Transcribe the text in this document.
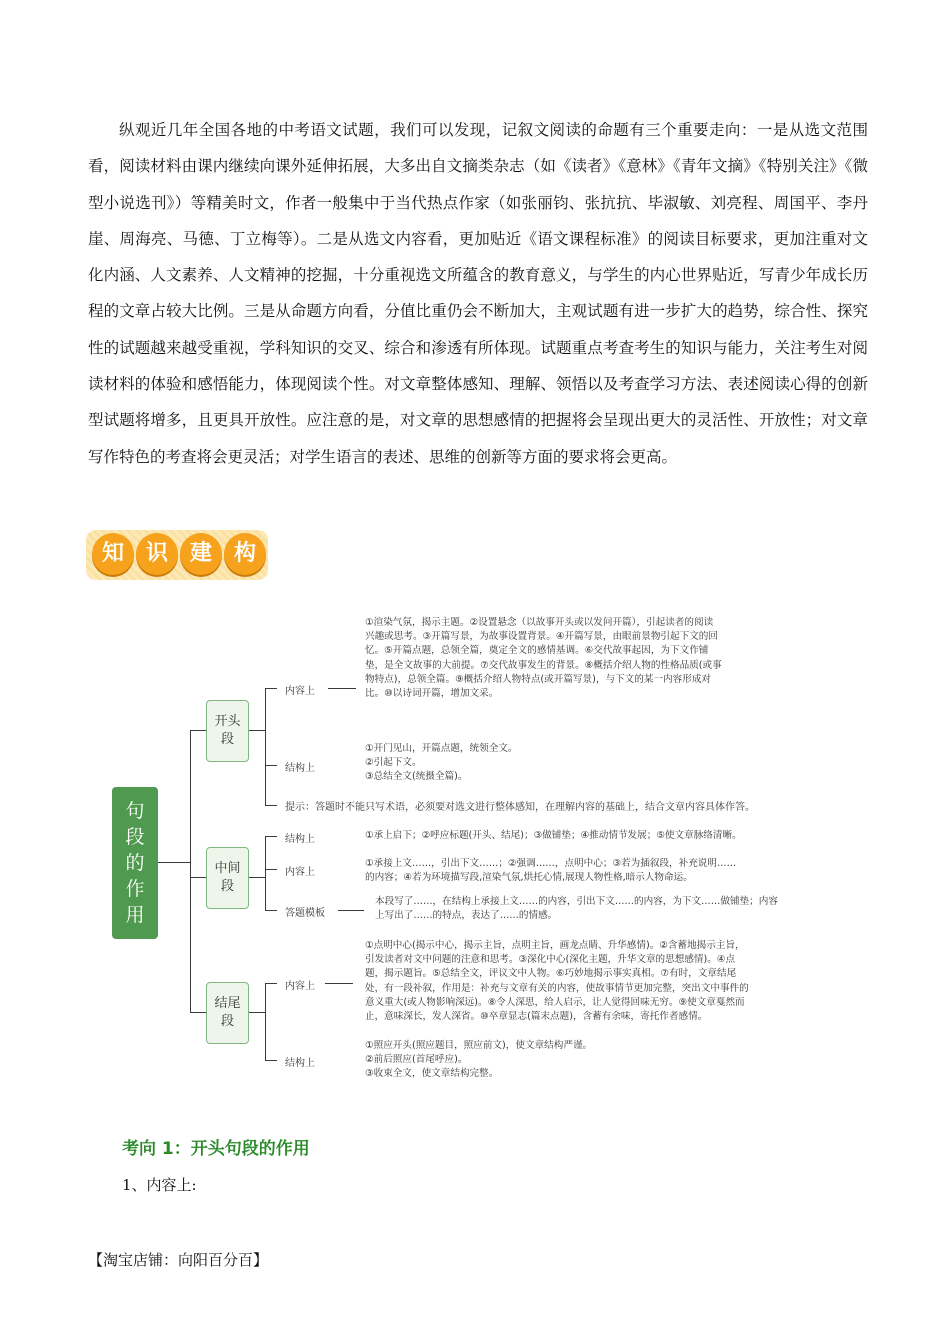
纵观近几年全国各地的中考语文试题，我们可以发现，记叙文阅读的命题有三个重要走向：一是从选文范围看，阅读材料由课内继续向课外延伸拓展，大多出自文摘类杂志（如《读者》《意林》《青年文摘》《特别关注》《微型小说选刊》）等精美时文，作者一般集中于当代热点作家（如张丽钧、张抗抗、毕淑敏、刘亮程、周国平、李丹崖、周海亮、马德、丁立梅等）。二是从选文内容看，更加贴近《语文课程标准》的阅读目标要求，更加注重对文化内涵、人文素养、人文精神的挖掘，十分重视选文所蕴含的教育意义，与学生的内心世界贴近，写青少年成长历程的文章占较大比例。三是从命题方向看，分值比重仍会不断加大，主观试题有进一步扩大的趋势，综合性、探究性的试题越来越受重视，学科知识的交叉、综合和渗透有所体现。试题重点考查考生的知识与能力，关注考生对阅读材料的体验和感悟能力，体现阅读个性。对文章整体感知、理解、领悟以及考查学习方法、表述阅读心得的创新型试题将增多，且更具开放性。应注意的是，对文章的思想感情的把握将会呈现出更大的灵活性、开放性；对文章写作特色的考查将会更灵活；对学生语言的表述、思维的创新等方面的要求将会更高。

知 识 建 构
句段的作用
开头段
中间段
结尾段
内容上
结构上
结构上
内容上
答题模板
内容上
结构上
提示：答题时不能只写术语，必须要对选文进行整体感知，在理解内容的基础上，结合文章内容具体作答。
①渲染气氛，揭示主题。②设置悬念（以故事开头或以发问开篇），引起读者的阅读
兴趣或思考。③开篇写景，为故事设置背景。④开篇写景，由眼前景物引起下文的回
忆。⑤开篇点题，总领全篇，奠定全文的感情基调。⑥交代故事起因，为下文作铺
垫，是全文故事的大前提。⑦交代故事发生的背景。⑧概括介绍人物的性格品质(或事
物特点)，总领全篇。⑨概括介绍人物特点(或开篇写景)，与下文的某一内容形成对
比。⑩以诗词开篇，增加文采。
①开门见山，开篇点题，统领全文。
②引起下文。
③总结全文(统摄全篇)。
①承上启下；②呼应标题(开头、结尾)；③做铺垫；④推动情节发展；⑤使文章脉络清晰。
①承接上文……，引出下文……；②强调……，点明中心；③若为插叙段，补充说明……
的内容；④若为环境描写段,渲染气氛,烘托心情,展现人物性格,暗示人物命运。
本段写了……，在结构上承接上文……的内容，引出下文……的内容，为下文……做铺垫；内容
上写出了……的特点，表达了……的情感。
①点明中心(揭示中心，揭示主旨，点明主旨，画龙点睛、升华感情)。②含蓄地揭示主旨，
引发读者对文中问题的注意和思考。③深化中心(深化主题，升华文章的思想感情)。④点
题，揭示题旨。⑤总结全文，评议文中人物。⑥巧妙地揭示事实真相。⑦有时，文章结尾
处，有一段补叙，作用是：补充与文章有关的内容，使故事情节更加完整，突出文中事件的
意义重大(或人物影响深远)。⑧令人深思，给人启示，让人觉得回味无穷。⑨使文章戛然而
止，意味深长，发人深省。⑩卒章显志(篇末点题)，含蓄有余味，寄托作者感情。
①照应开头(照应题目，照应前文)，使文章结构严谨。
②前后照应(首尾呼应)。
③收束全文，使文章结构完整。
考向 1：开头句段的作用
1、内容上:
【淘宝店铺：向阳百分百】
